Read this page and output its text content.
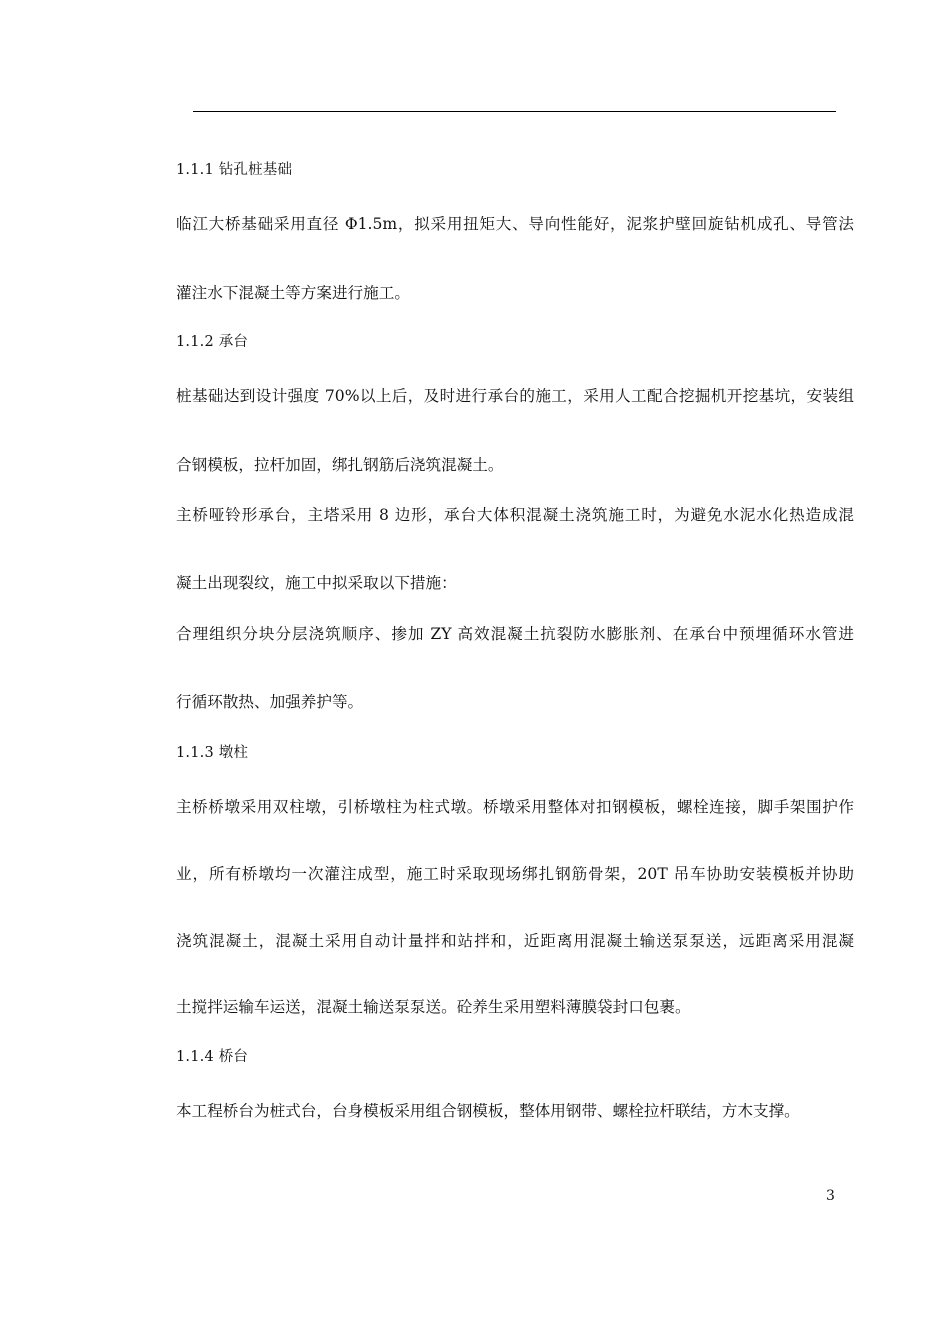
1.1.1 钻孔桩基础
临江大桥基础采用直径 Φ1.5m，拟采用扭矩大、导向性能好，泥浆护壁回旋钻机成孔、导管法
灌注水下混凝土等方案进行施工。
1.1.2 承台
桩基础达到设计强度 70%以上后，及时进行承台的施工，采用人工配合挖掘机开挖基坑，安装组
合钢模板，拉杆加固，绑扎钢筋后浇筑混凝土。
主桥哑铃形承台，主塔采用 8 边形，承台大体积混凝土浇筑施工时，为避免水泥水化热造成混
凝土出现裂纹，施工中拟采取以下措施：
合理组织分块分层浇筑顺序、掺加 ZY 高效混凝土抗裂防水膨胀剂、在承台中预埋循环水管进
行循环散热、加强养护等。
1.1.3 墩柱
主桥桥墩采用双柱墩，引桥墩柱为柱式墩。桥墩采用整体对扣钢模板，螺栓连接，脚手架围护作
业，所有桥墩均一次灌注成型，施工时采取现场绑扎钢筋骨架，20T 吊车协助安装模板并协助
浇筑混凝土，混凝土采用自动计量拌和站拌和，近距离用混凝土输送泵泵送，远距离采用混凝
土搅拌运输车运送，混凝土输送泵泵送。砼养生采用塑料薄膜袋封口包裹。
1.1.4 桥台
本工程桥台为桩式台，台身模板采用组合钢模板，整体用钢带、螺栓拉杆联结，方木支撑。
3
